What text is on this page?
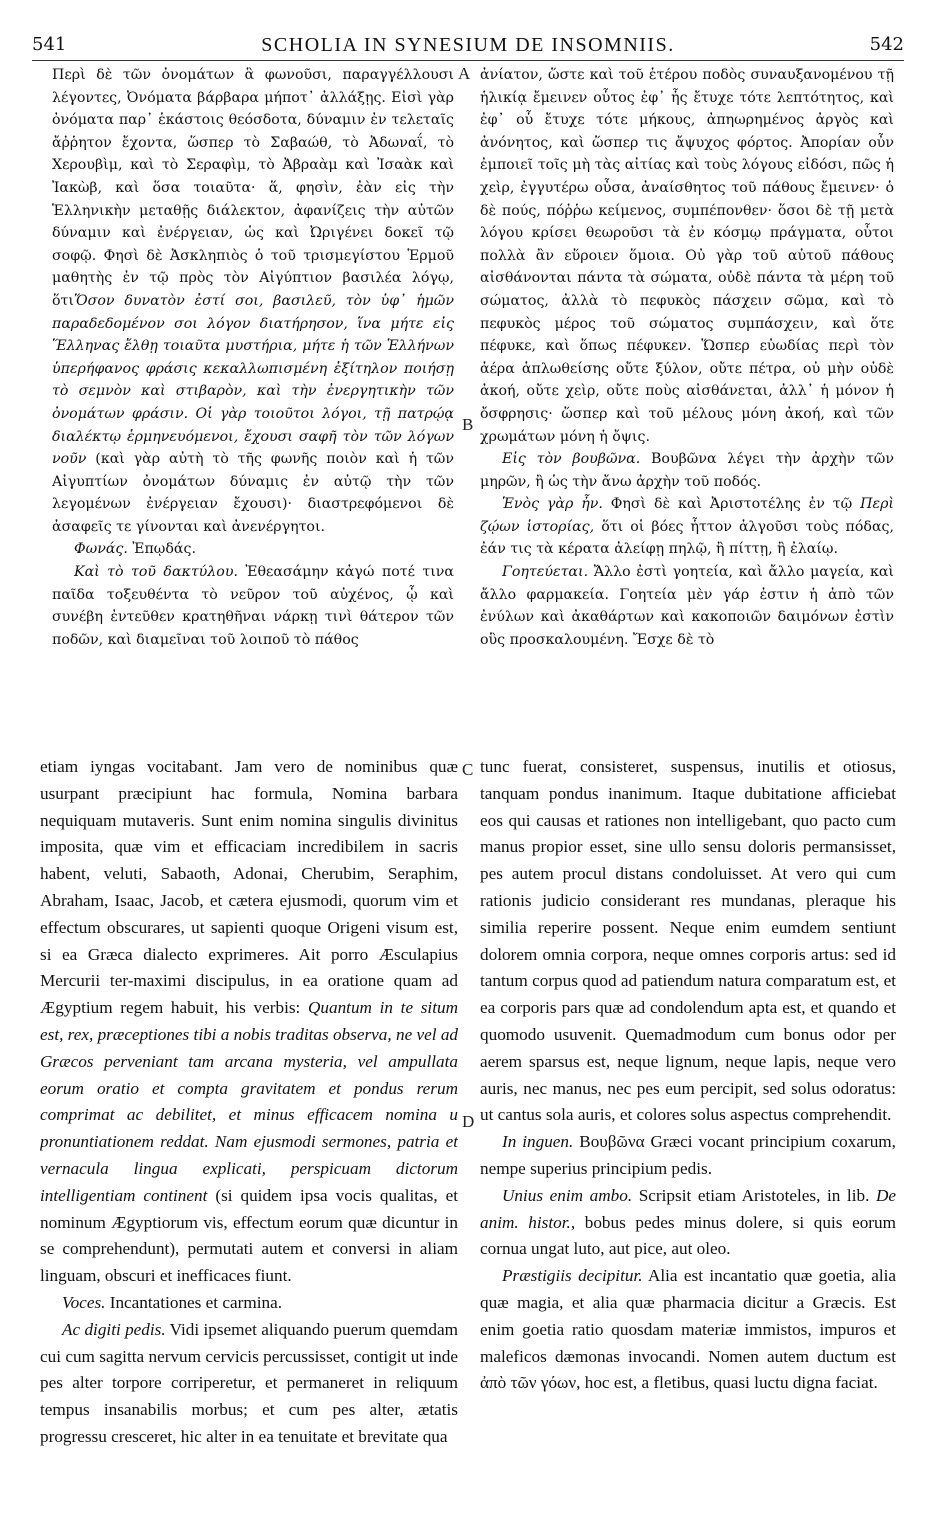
541	SCHOLIA IN SYNESIUM DE INSOMNIIS.	542
A
B
C
D

Περὶ δὲ τῶν ὀνομάτων ἃ φωνοῦσι, παραγγέλλουσι λέγοντες, Ὀνόματα βάρβαρα μήποτ᾽ ἀλλάξῃς. Εἰσὶ γὰρ ὀνόματα παρ᾽ ἑκάστοις θεόσδοτα, δύναμιν ἐν τελεταῖς ἄῤῥητον ἔχοντα, ὥσπερ τὸ Σαβαώθ, τὸ Ἀδωναΐ, τὸ Χερουβὶμ, καὶ τὸ Σεραφὶμ, τὸ Ἀβραὰμ καὶ Ἰσαὰκ καὶ Ἰακὼβ, καὶ ὅσα τοιαῦτα· ἅ, φησὶν, ἐὰν εἰς τὴν Ἑλληνικὴν μεταθῇς διάλεκτον, ἀφανίζεις τὴν αὐτῶν δύναμιν καὶ ἐνέργειαν, ὡς καὶ Ὠριγένει δοκεῖ τῷ σοφῷ. Φησὶ δὲ Ἀσκληπιὸς ὁ τοῦ τρισμεγίστου Ἑρμοῦ μαθητὴς ἐν τῷ πρὸς τὸν Αἰγύπτιον βασιλέα λόγῳ, ὅτιὍσον δυνατὸν ἐστί σοι, βασιλεῦ, τὸν ὑφ᾽ ἡμῶν παραδεδομένον σοι λόγον διατήρησον, ἵνα μήτε εἰς Ἕλληνας ἔλθῃ τοιαῦτα μυστήρια, μήτε ἡ τῶν Ἑλλήνων ὑπερήφανος φράσις κεκαλλωπισμένη ἐξίτηλον ποιήσῃ τὸ σεμνὸν καὶ στιβαρὸν, καὶ τὴν ἐνεργητικὴν τῶν ὀνομάτων φράσιν. Οἱ γὰρ τοιοῦτοι λόγοι, τῇ πατρῴᾳ διαλέκτῳ ἑρμηνευόμενοι, ἔχουσι σαφῆ τὸν τῶν λόγων νοῦν (καὶ γὰρ αὐτὴ τὸ τῆς φωνῆς ποιὸν καὶ ἡ τῶν Αἰγυπτίων ὀνομάτων δύναμις ἐν αὐτῷ τὴν τῶν λεγομένων ἐνέργειαν ἔχουσι)· διαστρεφόμενοι δὲ ἀσαφεῖς τε γίνονται καὶ ἀνενέργητοι.

Φωνάς. Ἐπῳδάς.

Καὶ τὸ τοῦ δακτύλου. Ἐθεασάμην κἀγώ ποτέ τινα παῖδα τοξευθέντα τὸ νεῦρον τοῦ αὐχένος, ᾧ καὶ συνέβη ἐντεῦθεν κρατηθῆναι νάρκῃ τινὶ θάτερον τῶν ποδῶν, καὶ διαμεῖναι τοῦ λοιποῦ τὸ πάθος

ἀνίατον, ὥστε καὶ τοῦ ἑτέρου ποδὸς συναυξανομένου τῇ ἡλικίᾳ ἔμεινεν οὗτος ἐφ᾽ ἧς ἔτυχε τότε λεπτότητος, καὶ ἐφ᾽ οὗ ἔτυχε τότε μήκους, ἀπηωρημένος ἀργὸς καὶ ἀνόνητος, καὶ ὥσπερ τις ἄψυχος φόρτος. Ἀπορίαν οὖν ἐμποιεῖ τοῖς μὴ τὰς αἰτίας καὶ τοὺς λόγους εἰδόσι, πῶς ἡ χεὶρ, ἐγγυτέρω οὖσα, ἀναίσθητος τοῦ πάθους ἔμεινεν· ὁ δὲ πούς, πόῤῥω κείμενος, συμπέπονθεν· ὅσοι δὲ τῇ μετὰ λόγου κρίσει θεωροῦσι τὰ ἐν κόσμῳ πράγματα, οὗτοι πολλὰ ἂν εὕροιεν ὅμοια. Οὐ γὰρ τοῦ αὐτοῦ πάθους αἰσθάνονται πάντα τὰ σώματα, οὐδὲ πάντα τὰ μέρη τοῦ σώματος, ἀλλὰ τὸ πεφυκὸς πάσχειν σῶμα, καὶ τὸ πεφυκὸς μέρος τοῦ σώματος συμπάσχειν, καὶ ὅτε πέφυκε, καὶ ὅπως πέφυκεν. Ὥσπερ εὐωδίας περὶ τὸν ἀέρα ἁπλωθείσης οὔτε ξύλον, οὔτε πέτρα, οὐ μὴν οὐδὲ ἀκοή, οὔτε χεὶρ, οὔτε ποὺς αἰσθάνεται, ἀλλ᾽ ἡ μόνον ἡ ὄσφρησις· ὥσπερ καὶ τοῦ μέλους μόνη ἀκοή, καὶ τῶν χρωμάτων μόνη ἡ ὄψις.

Εἰς τὸν βουβῶνα. Βουβῶνα λέγει τὴν ἀρχὴν τῶν μηρῶν, ἢ ὡς τὴν ἄνω ἀρχὴν τοῦ ποδός.

Ἑνὸς γὰρ ἦν. Φησὶ δὲ καὶ Ἀριστοτέλης ἐν τῷ Περὶ ζῴων ἱστορίας, ὅτι οἱ βόες ἧττον ἀλγοῦσι τοὺς πόδας, ἐάν τις τὰ κέρατα ἀλείφῃ πηλῷ, ἢ πίττῃ, ἢ ἐλαίῳ.

Γοητεύεται. Ἄλλο ἐστὶ γοητεία, καὶ ἄλλο μαγεία, καὶ ἄλλο φαρμακεία. Γοητεία μὲν γάρ ἐστιν ἡ ἀπὸ τῶν ἐνύλων καὶ ἀκαθάρτων καὶ κακοποιῶν δαιμόνων ἐστὶν οὓς προσκαλουμένη. Ἔσχε δὲ τὸ

etiam iyngas vocitabant. Jam vero de nominibus quæ usurpant præcipiunt hac formula, Nomina barbara nequiquam mutaveris. Sunt enim nomina singulis divinitus imposita, quæ vim et efficaciam incredibilem in sacris habent, veluti, Sabaoth, Adonai, Cherubim, Seraphim, Abraham, Isaac, Jacob, et cætera ejusmodi, quorum vim et effectum obscurares, ut sapienti quoque Origeni visum est, si ea Græca dialecto exprimeres. Ait porro Æsculapius Mercurii ter-maximi discipulus, in ea oratione quam ad Ægyptium regem habuit, his verbis: Quantum in te situm est, rex, præceptiones tibi a nobis traditas observa, ne vel ad Græcos perveniant tam arcana mysteria, vel ampullata eorum oratio et compta gravitatem et pondus rerum comprimat ac debilitet, et minus efficacem nomina u pronuntiationem reddat. Nam ejusmodi sermones, patria et vernacula lingua explicati, perspicuam dictorum intelligentiam continent (si quidem ipsa vocis qualitas, et nominum Ægyptiorum vis, effectum eorum quæ dicuntur in se comprehendunt), permutati autem et conversi in aliam linguam, obscuri et inefficaces fiunt.

Voces. Incantationes et carmina.

Ac digiti pedis. Vidi ipsemet aliquando puerum quemdam cui cum sagitta nervum cervicis percussisset, contigit ut inde pes alter torpore corriperetur, et permaneret in reliquum tempus insanabilis morbus; et cum pes alter, ætatis progressu cresceret, hic alter in ea tenuitate et brevitate qua

tunc fuerat, consisteret, suspensus, inutilis et otiosus, tanquam pondus inanimum. Itaque dubitatione afficiebat eos qui causas et rationes non intelligebant, quo pacto cum manus propior esset, sine ullo sensu doloris permansisset, pes autem procul distans condoluisset. At vero qui cum rationis judicio considerant res mundanas, pleraque his similia reperire possent. Neque enim eumdem sentiunt dolorem omnia corpora, neque omnes corporis artus: sed id tantum corpus quod ad patiendum natura comparatum est, et ea corporis pars quæ ad condolendum apta est, et quando et quomodo usuvenit. Quemadmodum cum bonus odor per aerem sparsus est, neque lignum, neque lapis, neque vero auris, nec manus, nec pes eum percipit, sed solus odoratus: ut cantus sola auris, et colores solus aspectus comprehendit.

In inguen. Βουβῶνα Græci vocant principium coxarum, nempe superius principium pedis.

Unius enim ambo. Scripsit etiam Aristoteles, in lib. De anim. histor., bobus pedes minus dolere, si quis eorum cornua ungat luto, aut pice, aut oleo.

Præstigiis decipitur. Alia est incantatio quæ goetia, alia quæ magia, et alia quæ pharmacia dicitur a Græcis. Est enim goetia ratio quosdam materiæ immistos, impuros et maleficos dæmonas invocandi. Nomen autem ductum est ἀπὸ τῶν γόων, hoc est, a fletibus, quasi luctu digna faciat.
